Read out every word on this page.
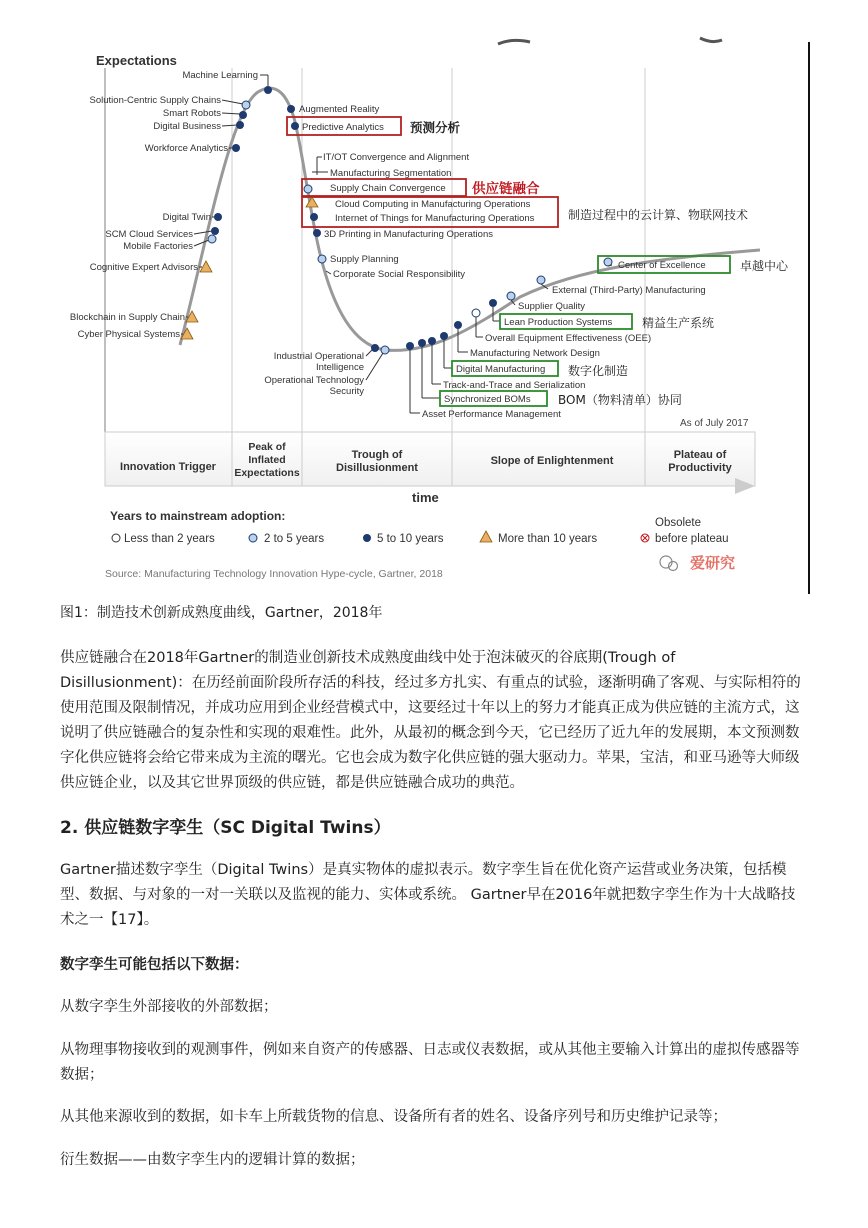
Expectations
time
As of July 2017
Innovation Trigger
Peak of Inflated Expectations
Trough of Disillusionment
Slope of Enlightenment	Plateau of Productivity
Machine Learning
Solution-Centric Supply Chains
Smart Robots
Digital Business
Workforce Analytics
Digital Twin
SCM Cloud Services
Mobile Factories
Cognitive Expert Advisors
Blockchain in Supply Chain
Cyber Physical Systems
Augmented Reality
Predictive Analytics 预测分析
IT/OT Convergence and Alignment
Manufacturing Segmentation
Supply Chain Convergence 供应链融合
Cloud Computing in Manufacturing Operations
Internet of Things for Manufacturing Operations	制造过程中的云计算、物联网技术
3D Printing in Manufacturing Operations
Supply Planning
Corporate Social Responsibility
Industrial Operational Intelligence
Operational Technology Security
Asset Performance Management
Synchronized BOMs BOM（物料清单）协同
Track-and-Trace and Serialization
Digital Manufacturing 数字化制造
Manufacturing Network Design
Overall Equipment Effectiveness (OEE)
Lean Production Systems 精益生产系统
Supplier Quality
External (Third-Party) Manufacturing
Center of Excellence	卓越中心
Years to mainstream adoption:
Less than 2 years	2 to 5 years	5 to 10 years	More than 10 years
Obsolete
before plateau
Source: Manufacturing Technology Innovation Hype-cycle, Gartner, 2018
爱研究
图1：制造技术创新成熟度曲线，Gartner，2018年
供应链融合在2018年Gartner的制造业创新技术成熟度曲线中处于泡沫破灭的谷底期(Trough of Disillusionment)：在历经前面阶段所存活的科技，经过多方扎实、有重点的试验，逐渐明确了客观、与实际相符的使用范围及限制情况，并成功应用到企业经营模式中，这要经过十年以上的努力才能真正成为供应链的主流方式，这说明了供应链融合的复杂性和实现的艰难性。此外，从最初的概念到今天，它已经历了近九年的发展期，本文预测数字化供应链将会给它带来成为主流的曙光。它也会成为数字化供应链的强大驱动力。苹果，宝洁，和亚马逊等大师级供应链企业，以及其它世界顶级的供应链，都是供应链融合成功的典范。
2. 供应链数字孪生（SC Digital Twins）
Gartner描述数字孪生（Digital Twins）是真实物体的虚拟表示。数字孪生旨在优化资产运营或业务决策，包括模型、数据、与对象的一对一关联以及监视的能力、实体或系统。 Gartner早在2016年就把数字孪生作为十大战略技术之一【17】。
数字孪生可能包括以下数据：
从数字孪生外部接收的外部数据；
从物理事物接收到的观测事件，例如来自资产的传感器、日志或仪表数据，或从其他主要输入计算出的虚拟传感器等数据；
从其他来源收到的数据，如卡车上所载货物的信息、设备所有者的姓名、设备序列号和历史维护记录等；
衍生数据——由数字孪生内的逻辑计算的数据；
